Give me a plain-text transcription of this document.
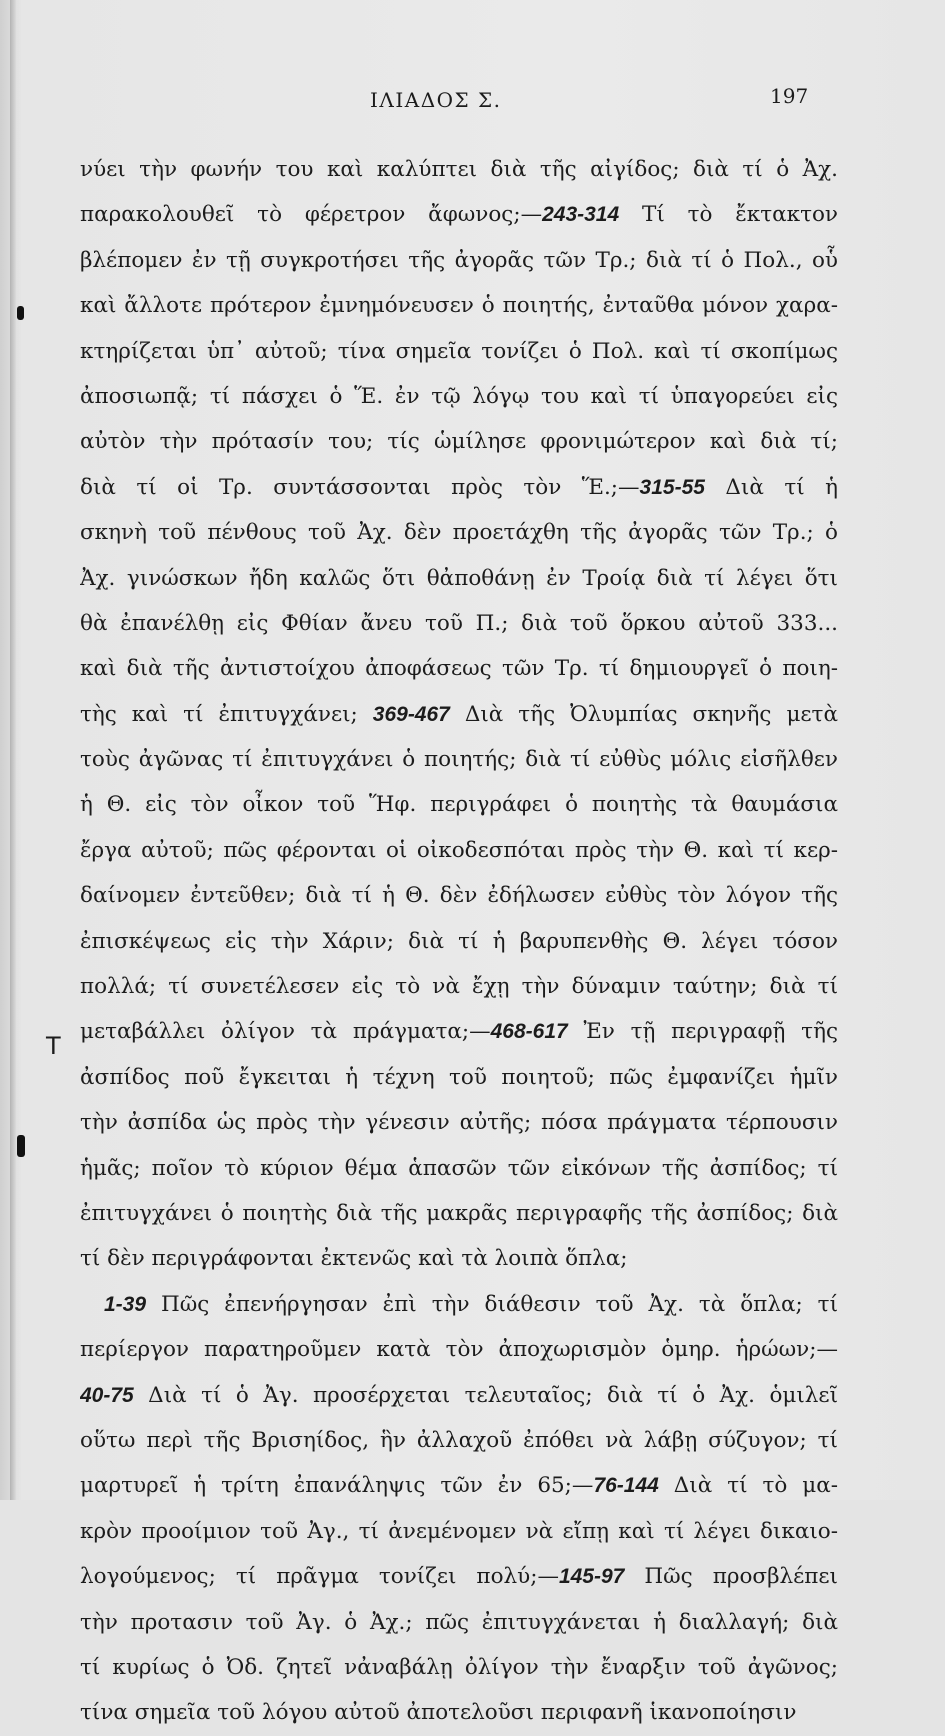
ΙΛΙΑΔΟΣ Σ.	197
Τ
νύει τὴν φωνήν του καὶ καλύπτει διὰ τῆς αἰγίδος; διὰ τί ὁ Ἀχ.
παρακολουθεῖ τὸ φέρετρον ἄφωνος;—243-314 Τί τὸ ἔκτακτον
βλέπομεν ἐν τῇ συγκροτήσει τῆς ἀγορᾶς τῶν Τρ.; διὰ τί ὁ Πολ., οὗ
καὶ ἄλλοτε πρότερον ἐμνημόνευσεν ὁ ποιητής, ἐνταῦθα μόνον χαρα-
κτηρίζεται ὑπ᾿ αὐτοῦ; τίνα σημεῖα τονίζει ὁ Πολ. καὶ τί σκοπίμως
ἀποσιωπᾷ; τί πάσχει ὁ Ἕ. ἐν τῷ λόγῳ του καὶ τί ὑπαγορεύει εἰς
αὐτὸν τὴν πρότασίν του; τίς ὡμίλησε φρονιμώτερον καὶ διὰ τί;
διὰ τί οἱ Τρ. συντάσσονται πρὸς τὸν Ἕ.;—315-55 Διὰ τί ἡ
σκηνὴ τοῦ πένθους τοῦ Ἀχ. δὲν προετάχθη τῆς ἀγορᾶς τῶν Τρ.; ὁ
Ἀχ. γινώσκων ἤδη καλῶς ὅτι θἀποθάνῃ ἐν Τροίᾳ διὰ τί λέγει ὅτι
θὰ ἐπανέλθῃ εἰς Φθίαν ἄνευ τοῦ Π.; διὰ τοῦ ὅρκου αὐτοῦ 333...
καὶ διὰ τῆς ἀντιστοίχου ἀποφάσεως τῶν Τρ. τί δημιουργεῖ ὁ ποιη-
τὴς καὶ τί ἐπιτυγχάνει; 369-467 Διὰ τῆς Ὀλυμπίας σκηνῆς μετὰ
τοὺς ἀγῶνας τί ἐπιτυγχάνει ὁ ποιητής; διὰ τί εὐθὺς μόλις εἰσῆλθεν
ἡ Θ. εἰς τὸν οἶκον τοῦ Ἥφ. περιγράφει ὁ ποιητὴς τὰ θαυμάσια
ἔργα αὐτοῦ; πῶς φέρονται οἱ οἰκοδεσπόται πρὸς τὴν Θ. καὶ τί κερ-
δαίνομεν ἐντεῦθεν; διὰ τί ἡ Θ. δὲν ἐδήλωσεν εὐθὺς τὸν λόγον τῆς
ἐπισκέψεως εἰς τὴν Χάριν; διὰ τί ἡ βαρυπενθὴς Θ. λέγει τόσον
πολλά; τί συνετέλεσεν εἰς τὸ νὰ ἔχῃ τὴν δύναμιν ταύτην; διὰ τί
μεταβάλλει ὀλίγον τὰ πράγματα;—468-617 Ἐν τῇ περιγραφῇ τῆς
ἀσπίδος ποῦ ἔγκειται ἡ τέχνη τοῦ ποιητοῦ; πῶς ἐμφανίζει ἡμῖν
τὴν ἀσπίδα ὡς πρὸς τὴν γένεσιν αὐτῆς; πόσα πράγματα τέρπουσιν
ἡμᾶς; ποῖον τὸ κύριον θέμα ἁπασῶν τῶν εἰκόνων τῆς ἀσπίδος; τί
ἐπιτυγχάνει ὁ ποιητὴς διὰ τῆς μακρᾶς περιγραφῆς τῆς ἀσπίδος; διὰ
τί δὲν περιγράφονται ἐκτενῶς καὶ τὰ λοιπὰ ὅπλα;
1-39 Πῶς ἐπενήργησαν ἐπὶ τὴν διάθεσιν τοῦ Ἀχ. τὰ ὅπλα; τί
περίεργον παρατηροῦμεν κατὰ τὸν ἀποχωρισμὸν ὁμηρ. ἡρώων;—
40-75 Διὰ τί ὁ Ἀγ. προσέρχεται τελευταῖος; διὰ τί ὁ Ἀχ. ὁμιλεῖ
οὕτω περὶ τῆς Βρισηίδος, ἣν ἀλλαχοῦ ἐπόθει νὰ λάβῃ σύζυγον; τί
μαρτυρεῖ ἡ τρίτη ἐπανάληψις τῶν ἐν 65;—76-144 Διὰ τί τὸ μα-
κρὸν προοίμιον τοῦ Ἀγ., τί ἀνεμένομεν νὰ εἴπῃ καὶ τί λέγει δικαιο-
λογούμενος; τί πρᾶγμα τονίζει πολύ;—145-97 Πῶς προσβλέπει
τὴν προτασιν τοῦ Ἀγ. ὁ Ἀχ.; πῶς ἐπιτυγχάνεται ἡ διαλλαγή; διὰ
τί κυρίως ὁ Ὀδ. ζητεῖ νἀναβάλῃ ὀλίγον τὴν ἔναρξιν τοῦ ἀγῶνος;
τίνα σημεῖα τοῦ λόγου αὐτοῦ ἀποτελοῦσι περιφανῆ ἱκανοποίησιν
